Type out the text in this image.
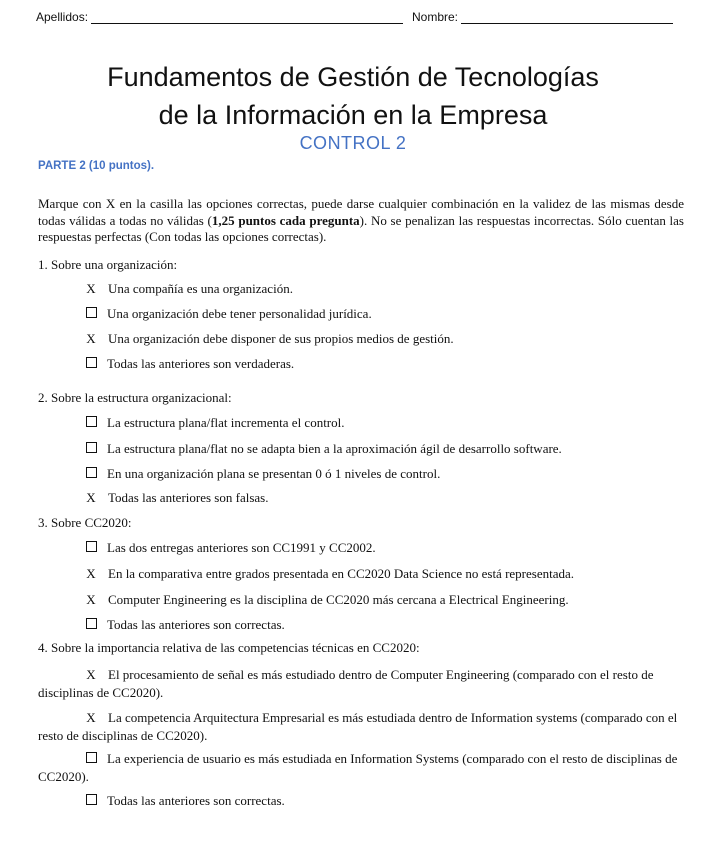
Apellidos:	Nombre:
Fundamentos de Gestión de Tecnologías
de la Información en la Empresa
CONTROL 2
PARTE 2 (10 puntos).
Marque con X en la casilla las opciones correctas, puede darse cualquier combinación en la validez de las mismas desde todas válidas a todas no válidas (1,25 puntos cada pregunta). No se penalizan las respuestas incorrectas. Sólo cuentan las respuestas perfectas (Con todas las opciones correctas).
1. Sobre una organización:
X Una compañía es una organización.
Una organización debe tener personalidad jurídica.
X Una organización debe disponer de sus propios medios de gestión.
Todas las anteriores son verdaderas.
2. Sobre la estructura organizacional:
La estructura plana/flat incrementa el control.
La estructura plana/flat no se adapta bien a la aproximación ágil de desarrollo software.
En una organización plana se presentan 0 ó 1 niveles de control.
X Todas las anteriores son falsas.
3. Sobre CC2020:
Las dos entregas anteriores son CC1991 y CC2002.
X En la comparativa entre grados presentada en CC2020 Data Science no está representada.
X Computer Engineering es la disciplina de CC2020 más cercana a Electrical Engineering.
Todas las anteriores son correctas.
4. Sobre la importancia relativa de las competencias técnicas en CC2020:
X El procesamiento de señal es más estudiado dentro de Computer Engineering (comparado con el resto de disciplinas de CC2020).
X La competencia Arquitectura Empresarial es más estudiada dentro de Information systems (comparado con el resto de disciplinas de CC2020).
La experiencia de usuario es más estudiada en Information Systems (comparado con el resto de disciplinas de CC2020).
Todas las anteriores son correctas.
